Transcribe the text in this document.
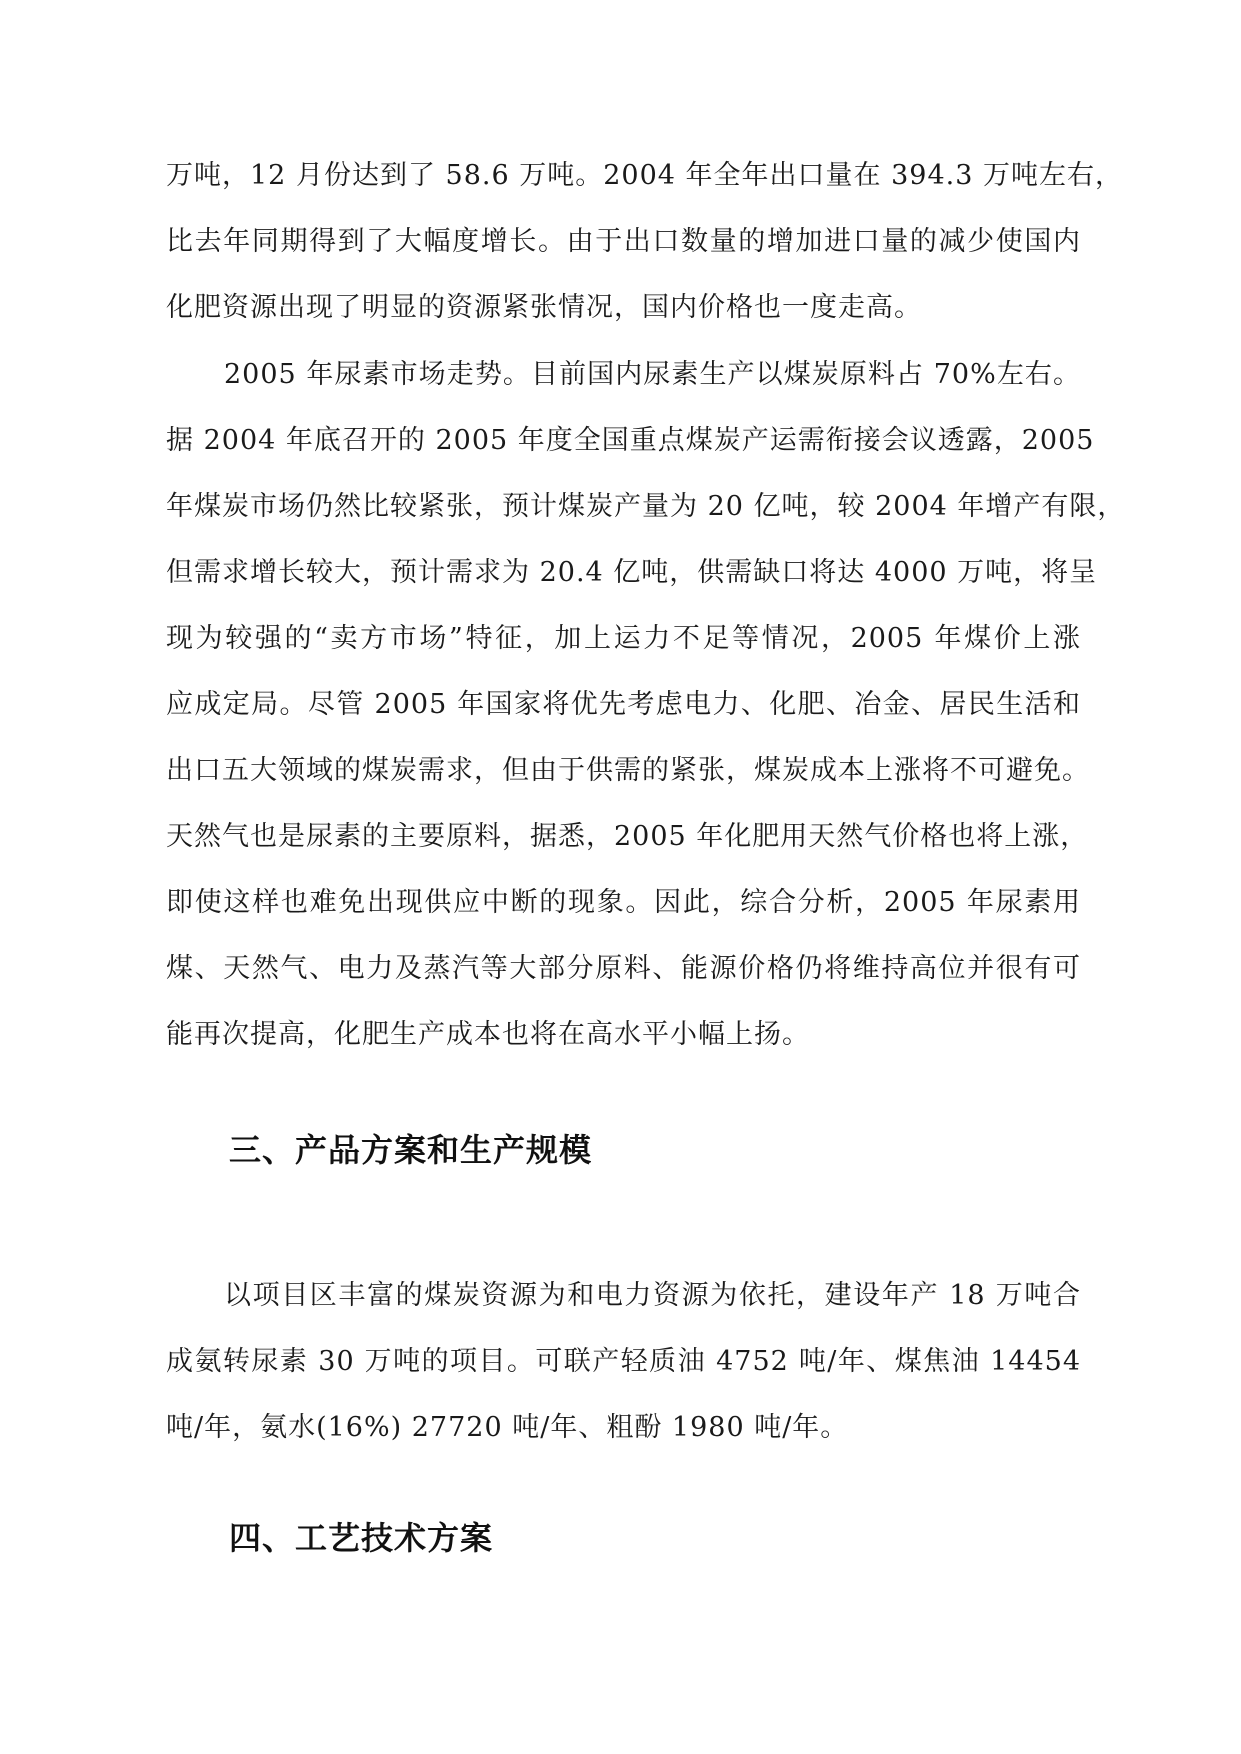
万吨，12 月份达到了 58.6 万吨。2004 年全年出口量在 394.3 万吨左右，
比去年同期得到了大幅度增长。由于出口数量的增加进口量的减少使国内
化肥资源出现了明显的资源紧张情况，国内价格也一度走高。
2005 年尿素市场走势。目前国内尿素生产以煤炭原料占 70%左右。
据 2004 年底召开的 2005 年度全国重点煤炭产运需衔接会议透露，2005
年煤炭市场仍然比较紧张，预计煤炭产量为 20 亿吨，较 2004 年增产有限，
但需求增长较大，预计需求为 20.4 亿吨，供需缺口将达 4000 万吨，将呈
现为较强的“卖方市场”特征，加上运力不足等情况，2005 年煤价上涨
应成定局。尽管 2005 年国家将优先考虑电力、化肥、冶金、居民生活和
出口五大领域的煤炭需求，但由于供需的紧张，煤炭成本上涨将不可避免。
天然气也是尿素的主要原料，据悉，2005 年化肥用天然气价格也将上涨，
即使这样也难免出现供应中断的现象。因此，综合分析，2005 年尿素用
煤、天然气、电力及蒸汽等大部分原料、能源价格仍将维持高位并很有可
能再次提高，化肥生产成本也将在高水平小幅上扬。
三、产品方案和生产规模
以项目区丰富的煤炭资源为和电力资源为依托，建设年产 18 万吨合
成氨转尿素 30 万吨的项目。可联产轻质油 4752 吨/年、煤焦油 14454
吨/年，氨水(16%) 27720 吨/年、粗酚 1980 吨/年。
四、工艺技术方案
